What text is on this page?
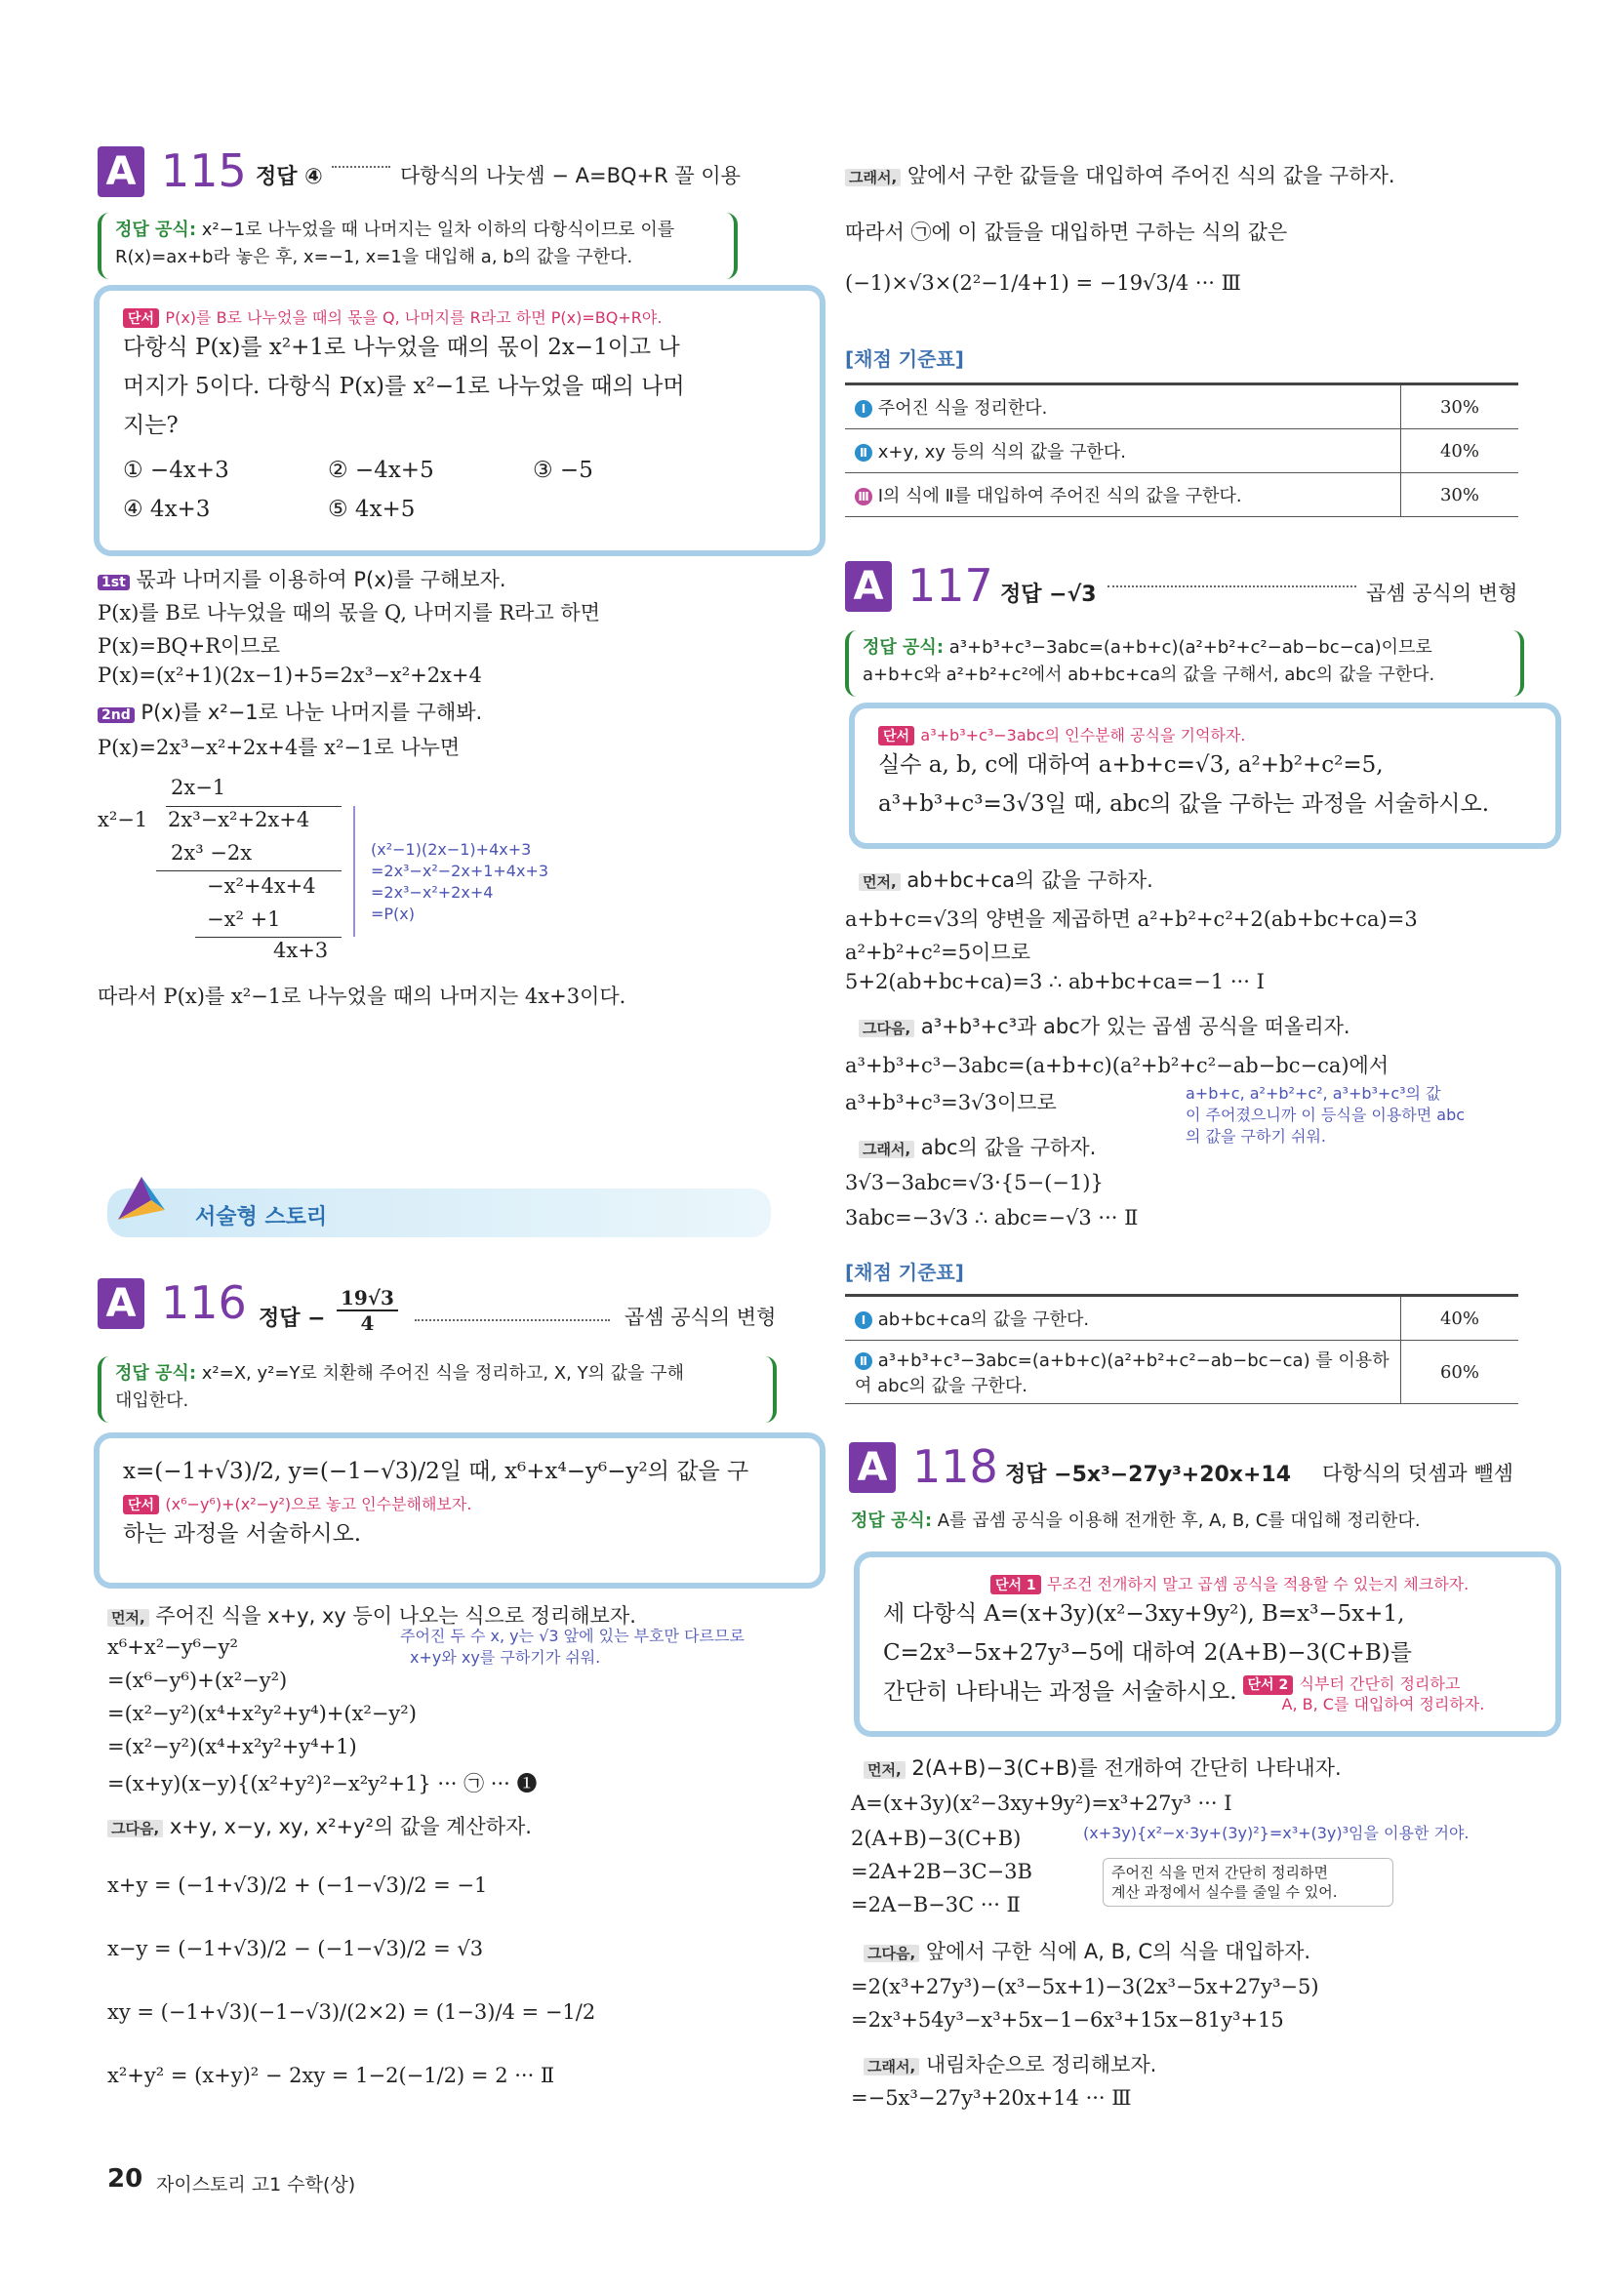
A 115 정답 ④	다항식의 나눗셈 − A=BQ+R 꼴 이용
정답 공식: x²−1로 나누었을 때 나머지는 일차 이하의 다항식이므로 이를
R(x)=ax+b라 놓은 후, x=−1, x=1을 대입해 a, b의 값을 구한다.
단서 P(x)를 B로 나누었을 때의 몫을 Q, 나머지를 R라고 하면 P(x)=BQ+R야.
다항식 P(x)를 x²+1로 나누었을 때의 몫이 2x−1이고 나
머지가 5이다. 다항식 P(x)를 x²−1로 나누었을 때의 나머
지는?
① −4x+3	② −4x+5	③ −5
④ 4x+3	⑤ 4x+5
1st 몫과 나머지를 이용하여 P(x)를 구해보자.
P(x)를 B로 나누었을 때의 몫을 Q, 나머지를 R라고 하면
P(x)=BQ+R이므로
P(x)=(x²+1)(2x−1)+5=2x³−x²+2x+4
2nd P(x)를 x²−1로 나눈 나머지를 구해봐.
P(x)=2x³−x²+2x+4를 x²−1로 나누면
2x−1
x²−1 2x³−x²+2x+4
2x³ −2x
−x²+4x+4
−x² +1
4x+3
(x²−1)(2x−1)+4x+3
=2x³−x²−2x+1+4x+3
=2x³−x²+2x+4
=P(x)
따라서 P(x)를 x²−1로 나누었을 때의 나머지는 4x+3이다.
서술형 스토리
A 116 정답 − $\frac{19√3}{4}$	곱셈 공식의 변형
정답 공식: x²=X, y²=Y로 치환해 주어진 식을 정리하고, X, Y의 값을 구해
대입한다.
x=(−1+√3)/2, y=(−1−√3)/2일 때, x⁶+x⁴−y⁶−y²의 값을 구
단서 (x⁶−y⁶)+(x²−y²)으로 놓고 인수분해해보자.
하는 과정을 서술하시오.
먼저, 주어진 식을 x+y, xy 등이 나오는 식으로 정리해보자.
주어진 두 수 x, y는 √3 앞에 있는 부호만 다르므로
x+y와 xy를 구하기가 쉬워.
x⁶+x²−y⁶−y²
=(x⁶−y⁶)+(x²−y²)
=(x²−y²)(x⁴+x²y²+y⁴)+(x²−y²)
=(x²−y²)(x⁴+x²y²+y⁴+1)
=(x+y)(x−y){(x²+y²)²−x²y²+1} ··· ㉠ ··· ❶
그다음, x+y, x−y, xy, x²+y²의 값을 계산하자.
x+y = (−1+√3)/2 + (−1−√3)/2 = −1
x−y = (−1+√3)/2 − (−1−√3)/2 = √3
xy = (−1+√3)(−1−√3)/(2×2) = (1−3)/4 = −1/2
x²+y² = (x+y)² − 2xy = 1−2(−1/2) = 2 ··· Ⅱ
20 자이스토리 고1 수학(상)
그래서, 앞에서 구한 값들을 대입하여 주어진 식의 값을 구하자.
따라서 ㉠에 이 값들을 대입하면 구하는 식의 값은
(−1)×√3×(2²−1/4+1) = −19√3/4 ··· Ⅲ
[채점 기준표]
Ⅰ 주어진 식을 정리한다.	30%
Ⅱ x+y, xy 등의 식의 값을 구한다.	40%
Ⅲ Ⅰ의 식에 Ⅱ를 대입하여 주어진 식의 값을 구한다.	30%
A 117 정답 −√3	곱셈 공식의 변형
정답 공식: a³+b³+c³−3abc=(a+b+c)(a²+b²+c²−ab−bc−ca)이므로
a+b+c와 a²+b²+c²에서 ab+bc+ca의 값을 구해서, abc의 값을 구한다.
단서 a³+b³+c³−3abc의 인수분해 공식을 기억하자.
실수 a, b, c에 대하여 a+b+c=√3, a²+b²+c²=5,
a³+b³+c³=3√3일 때, abc의 값을 구하는 과정을 서술하시오.
먼저, ab+bc+ca의 값을 구하자.
a+b+c=√3의 양변을 제곱하면 a²+b²+c²+2(ab+bc+ca)=3
a²+b²+c²=5이므로
5+2(ab+bc+ca)=3 ∴ ab+bc+ca=−1 ··· Ⅰ
그다음, a³+b³+c³과 abc가 있는 곱셈 공식을 떠올리자.
a³+b³+c³−3abc=(a+b+c)(a²+b²+c²−ab−bc−ca)에서
a³+b³+c³=3√3이므로	a+b+c, a²+b²+c², a³+b³+c³의 값
이 주어졌으니까 이 등식을 이용하면 abc
의 값을 구하기 쉬워.
그래서, abc의 값을 구하자.
3√3−3abc=√3·{5−(−1)}
3abc=−3√3 ∴ abc=−√3 ··· Ⅱ
[채점 기준표]
Ⅰ ab+bc+ca의 값을 구한다.	40%
Ⅱ a³+b³+c³−3abc=(a+b+c)(a²+b²+c²−ab−bc−ca) 를 이용하여 abc의 값을 구한다.	60%
A 118 정답 −5x³−27y³+20x+14 다항식의 덧셈과 뺄셈
정답 공식: A를 곱셈 공식을 이용해 전개한 후, A, B, C를 대입해 정리한다.
단서 1 무조건 전개하지 말고 곱셈 공식을 적용할 수 있는지 체크하자.
세 다항식 A=(x+3y)(x²−3xy+9y²), B=x³−5x+1,
C=2x³−5x+27y³−5에 대하여 2(A+B)−3(C+B)를
간단히 나타내는 과정을 서술하시오. 단서 2 식부터 간단히 정리하고
A, B, C를 대입하여 정리하자.
먼저, 2(A+B)−3(C+B)를 전개하여 간단히 나타내자.
A=(x+3y)(x²−3xy+9y²)=x³+27y³ ··· Ⅰ
2(A+B)−3(C+B)	(x+3y){x²−x·3y+(3y)²}=x³+(3y)³임을 이용한 거야.
=2A+2B−3C−3B
=2A−B−3C ··· Ⅱ
주어진 식을 먼저 간단히 정리하면
계산 과정에서 실수를 줄일 수 있어.
그다음, 앞에서 구한 식에 A, B, C의 식을 대입하자.
=2(x³+27y³)−(x³−5x+1)−3(2x³−5x+27y³−5)
=2x³+54y³−x³+5x−1−6x³+15x−81y³+15
그래서, 내림차순으로 정리해보자.
=−5x³−27y³+20x+14 ··· Ⅲ
